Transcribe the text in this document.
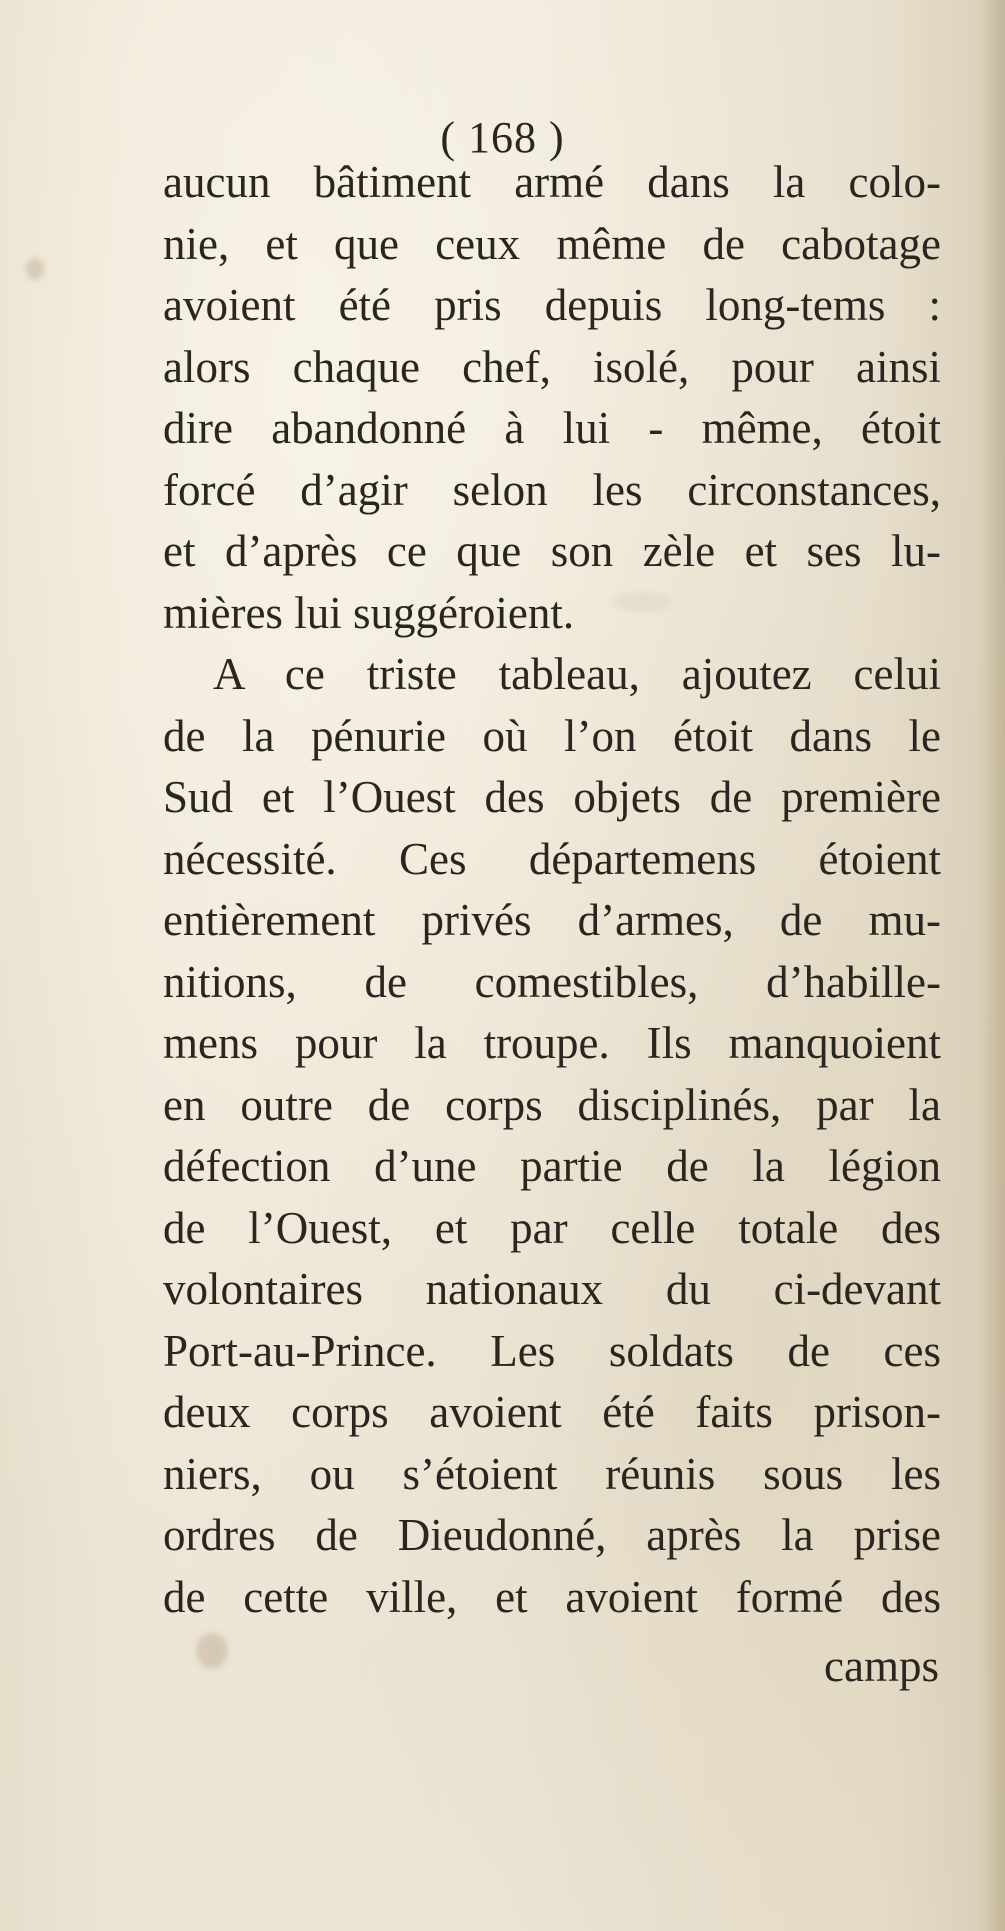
( 168 )
aucun bâtiment armé dans la colo-
nie, et que ceux même de cabotage
avoient été pris depuis long-tems :
alors chaque chef, isolé, pour ainsi
dire abandonné à lui - même, étoit
forcé d’agir selon les circonstances,
et d’après ce que son zèle et ses lu-
mières lui suggéroient.
A ce triste tableau, ajoutez celui
de la pénurie où l’on étoit dans le
Sud et l’Ouest des objets de première
nécessité. Ces départemens étoient
entièrement privés d’armes, de mu-
nitions, de comestibles, d’habille-
mens pour la troupe. Ils manquoient
en outre de corps disciplinés, par la
défection d’une partie de la légion
de l’Ouest, et par celle totale des
volontaires nationaux du ci-devant
Port-au-Prince. Les soldats de ces
deux corps avoient été faits prison-
niers, ou s’étoient réunis sous les
ordres de Dieudonné, après la prise
de cette ville, et avoient formé des
camps
